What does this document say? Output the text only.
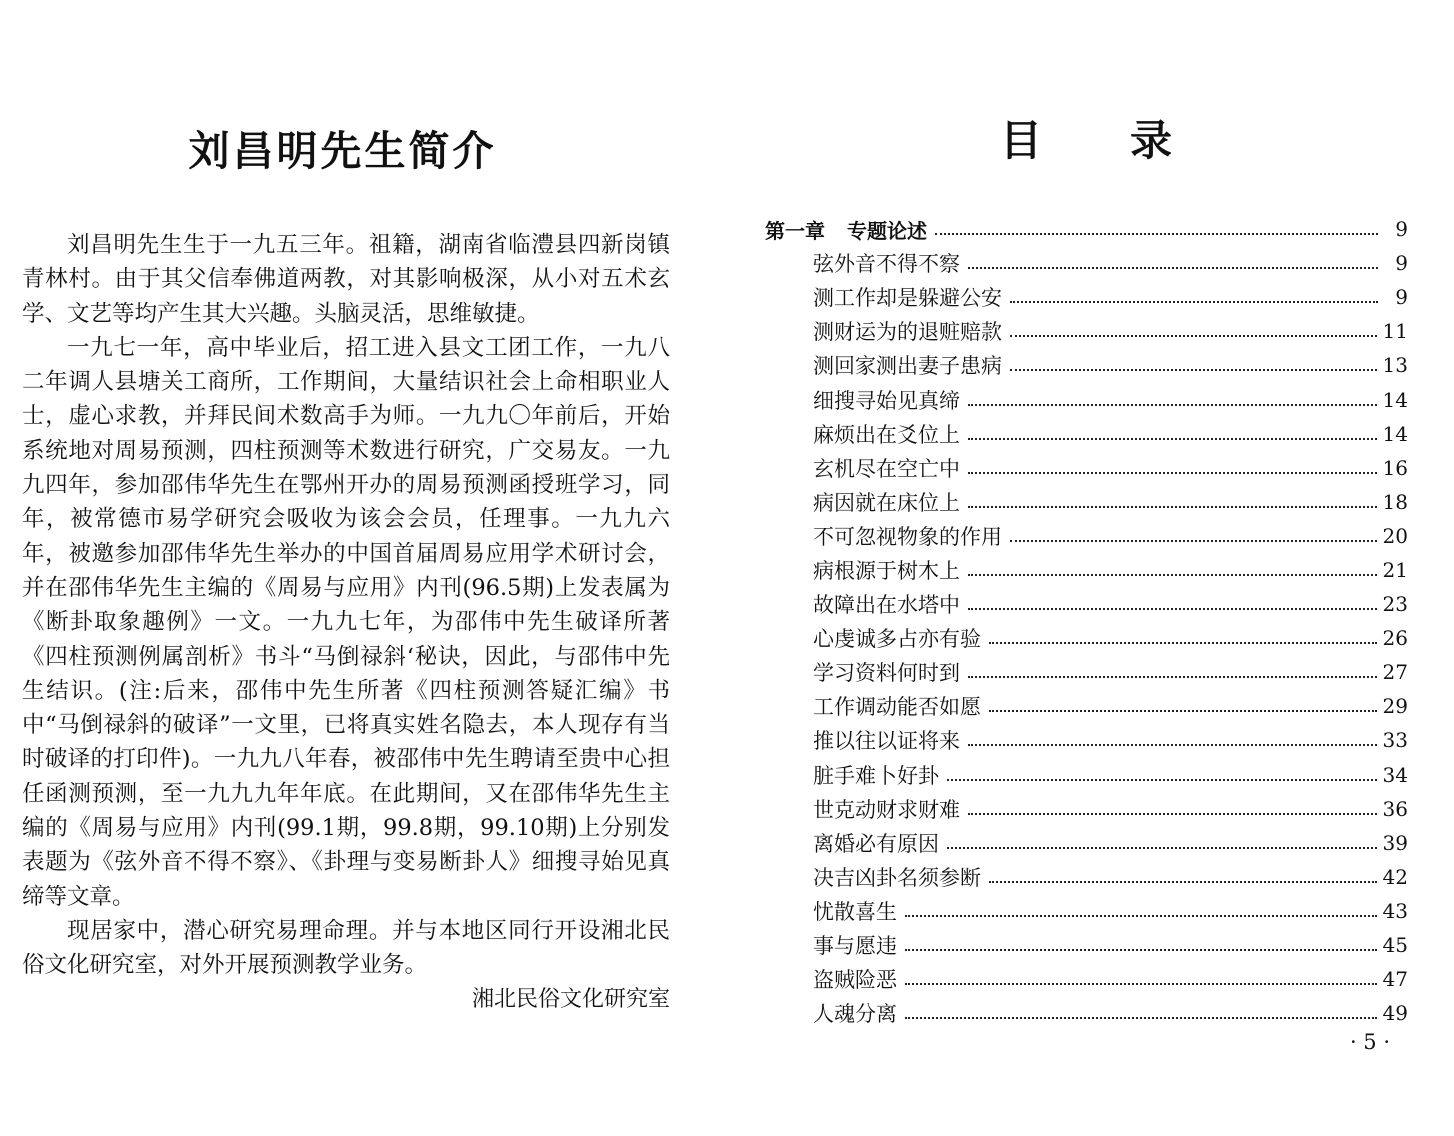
刘昌明先生简介

刘昌明先生生于一九五三年。祖籍，湖南省临澧县四新岗镇青林村。由于其父信奉佛道两教，对其影响极深，从小对五术玄学、文艺等均产生其大兴趣。头脑灵活，思维敏捷。

一九七一年，高中毕业后，招工进入县文工团工作，一九八二年调人县塘关工商所，工作期间，大量结识社会上命相职业人士，虚心求教，并拜民间术数高手为师。一九九〇年前后，开始系统地对周易预测，四柱预测等术数进行研究，广交易友。一九九四年，参加邵伟华先生在鄂州开办的周易预测函授班学习，同年，被常德市易学研究会吸收为该会会员，任理事。一九九六年，被邀参加邵伟华先生举办的中国首届周易应用学术研讨会，并在邵伟华先生主编的《周易与应用》内刊(96.5期)上发表属为《断卦取象趣例》一文。一九九七年，为邵伟中先生破译所著《四柱预测例属剖析》书斗“马倒禄斜‘秘诀，因此，与邵伟中先生结识。(注:后来，邵伟中先生所著《四柱预测答疑汇编》书中“马倒禄斜的破译”一文里，已将真实姓名隐去，本人现存有当时破译的打印件)。一九九八年春，被邵伟中先生聘请至贵中心担任函测预测，至一九九九年年底。在此期间，又在邵伟华先生主编的《周易与应用》内刊(99.1期，99.8期，99.10期)上分别发表题为《弦外音不得不察》、《卦理与变易断卦人》细搜寻始见真缔等文章。

现居家中，潜心研究易理命理。并与本地区同行开设湘北民俗文化研究室，对外开展预测教学业务。

湘北民俗文化研究室
目 录
第一章 专题论述	9
弦外音不得不察	9
测工作却是躲避公安	9
测财运为的退赃赔款	11
测回家测出妻子患病	13
细搜寻始见真缔	14
麻烦出在爻位上	14
玄机尽在空亡中	16
病因就在床位上	18
不可忽视物象的作用	20
病根源于树木上	21
故障出在水塔中	23
心虔诚多占亦有验	26
学习资料何时到	27
工作调动能否如愿	29
推以往以证将来	33
脏手难卜好卦	34
世克动财求财难	36
离婚必有原因	39
决吉凶卦名须参断	42
忧散喜生	43
事与愿违	45
盗贼险恶	47
人魂分离	49
· 5 ·
